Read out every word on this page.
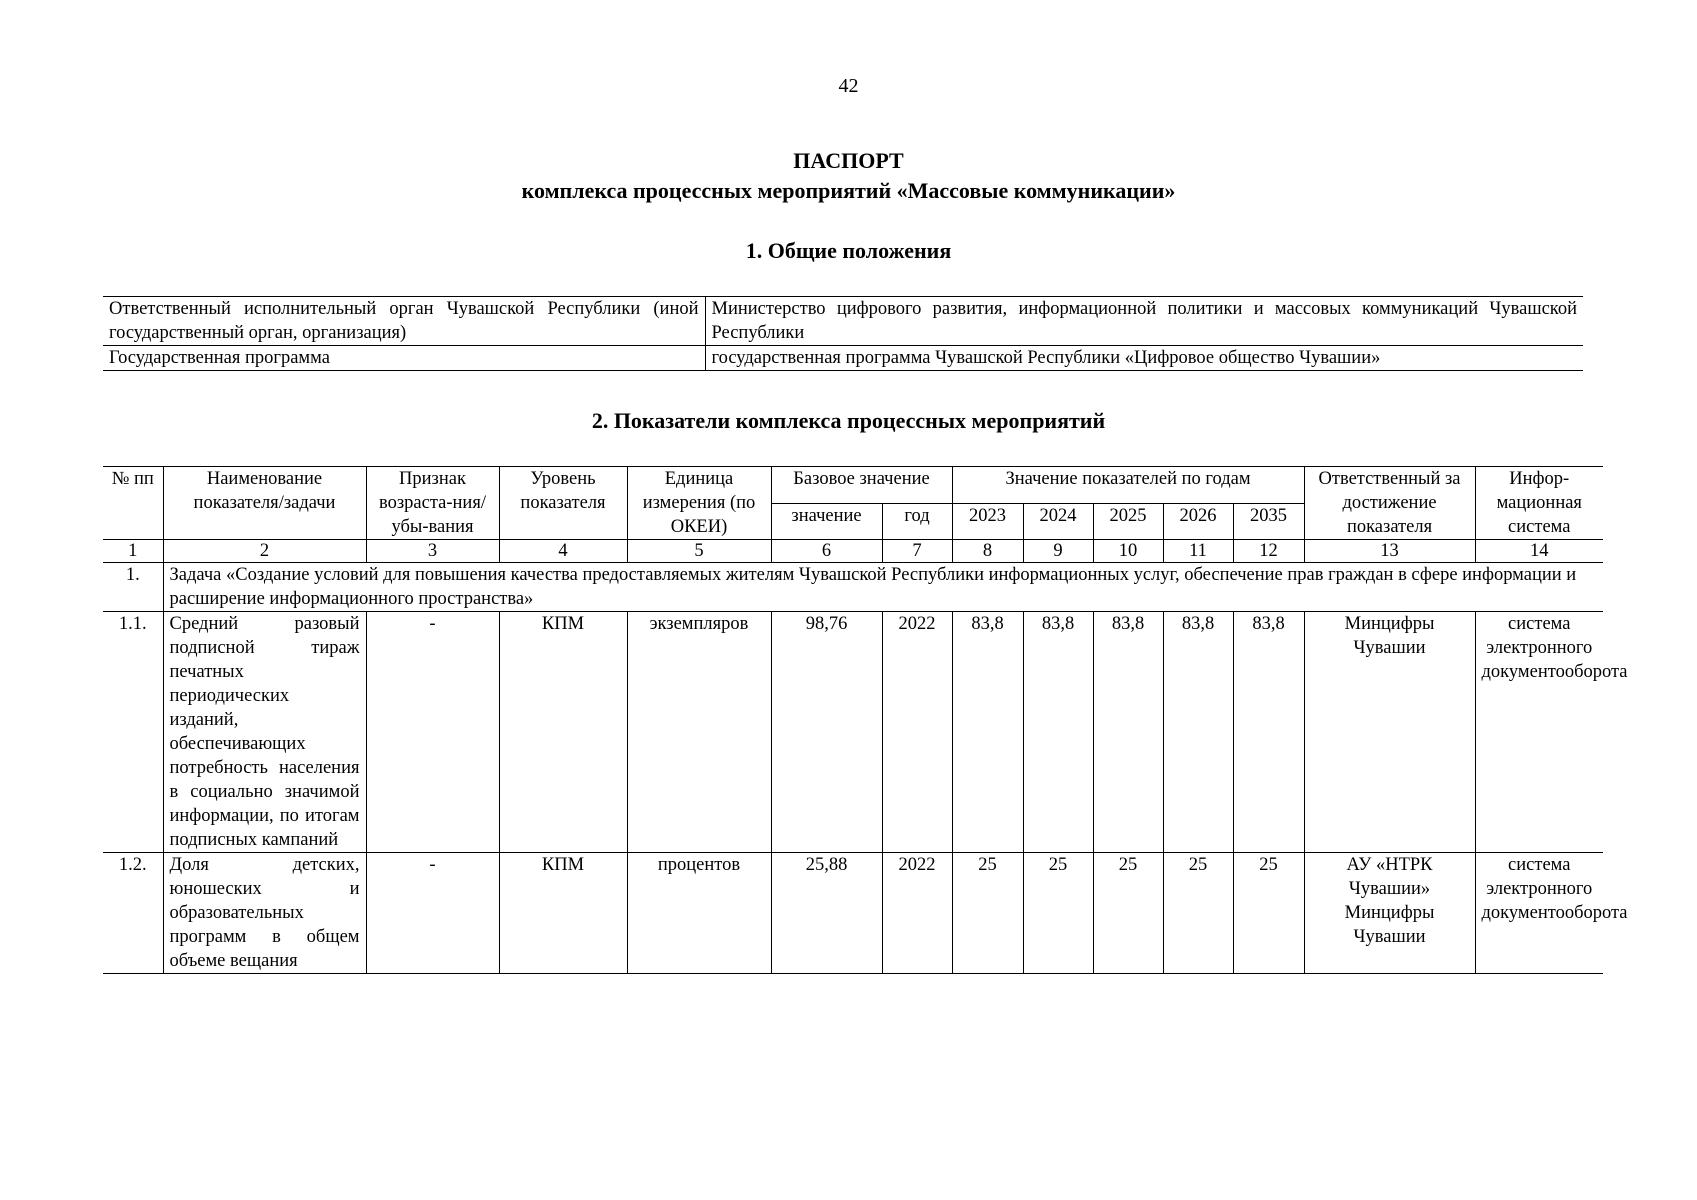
42
ПАСПОРТ
комплекса процессных мероприятий «Массовые коммуникации»
1. Общие положения
Ответственный исполнительный орган Чувашской Республики (иной государственный орган, организация)	Министерство цифрового развития, информационной политики и массовых коммуникаций Чувашской Республики
Государственная программа	государственная программа Чувашской Республики «Цифровое общество Чувашии»
2. Показатели комплекса процессных мероприятий
№ пп	Наименование показателя/задачи	Признак возраста-ния/ убы-вания	Уровень показателя	Единица измерения (по ОКЕИ)	Базовое значение		Значение показателей по годам					Ответственный за достижение показателя	Инфор-мационная система
					значение	год	2023	2024	2025	2026	2035		
1	2	3	4	5	6	7	8	9	10	11	12	13	14
1.	Задача «Создание условий для повышения качества предоставляемых жителям Чувашской Республики информационных услуг, обеспечение прав граждан в сфере информации и расширение информационного пространства»												
1.1.	Средний разовый подписной тираж печатных периодических изданий, обеспечивающих потребность населения в социально значимой информации, по итогам подписных кампаний	-	КПМ	экземпляров	98,76	2022	83,8	83,8	83,8	83,8	83,8	Минцифры Чувашии	система электронного документооборота
1.2.	Доля детских, юношеских и образовательных программ в общем объеме вещания	-	КПМ	процентов	25,88	2022	25	25	25	25	25	АУ «НТРК Чувашии» Минцифры Чувашии	система электронного документооборота
